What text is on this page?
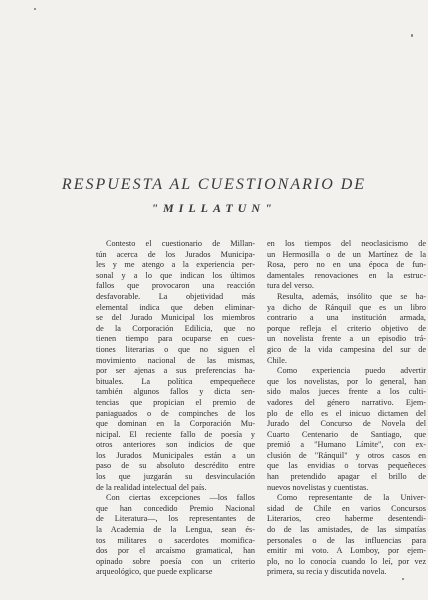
RESPUESTA AL CUESTIONARIO DE
"MILLATUN"
Contesto el cuestionario de Millan-
tún acerca de los Jurados Municipa-
les y me atengo a la experiencia per-
sonal y a lo que indican los últimos
fallos que provocaron una reacción
desfavorable. La objetividad más
elemental indica que deben eliminar-
se del Jurado Municipal los miembros
de la Corporación Edilicia, que no
tienen tiempo para ocuparse en cues-
tiones literarias o que no siguen el
movimiento nacional de las mismas,
por ser ajenas a sus preferencias ha-
bituales. La política empequeñece
también algunos fallos y dicta sen-
tencias que propician el premio de
paniaguados o de compinches de los
que dominan en la Corporación Mu-
nicipal. El reciente fallo de poesía y
otros anteriores son indicios de que
los Jurados Municipales están a un
paso de su absoluto descrédito entre
los que juzgarán su desvinculación
de la realidad intelectual del país.
Con ciertas excepciones —los fallos
que han concedido Premio Nacional
de Literatura—, los representantes de
la Academia de la Lengua, sean és-
tos militares o sacerdotes momifica-
dos por el arcaísmo gramatical, han
opinado sobre poesía con un criterio
arqueológico, que puede explicarse
en los tiempos del neoclasicismo de
un Hermosilla o de un Martínez de la
Rosa, pero no en una época de fun-
damentales renovaciones en la estruc-
tura del verso.
Resulta, además, insólito que se ha-
ya dicho de Ránquil que es un libro
contrario a una institución armada,
porque refleja el criterio objetivo de
un novelista frente a un episodio trá-
gico de la vida campesina del sur de
Chile.
Como experiencia puedo advertir
que los novelistas, por lo general, han
sido malos jueces frente a los culti-
vadores del género narrativo. Ejem-
plo de ello es el inicuo dictamen del
Jurado del Concurso de Novela del
Cuarto Centenario de Santiago, que
premió a "Humano Límite", con ex-
clusión de "Ránquil" y otros casos en
que las envidias o torvas pequeñeces
han pretendido apagar el brillo de
nuevos novelistas y cuentistas.
Como representante de la Univer-
sidad de Chile en varios Concursos
Literarios, creo haberme desentendi-
do de las amistades, de las simpatías
personales o de las influencias para
emitir mi voto. A Lomboy, por ejem-
plo, no lo conocía cuando lo leí, por vez
primera, su recia y discutida novela.
